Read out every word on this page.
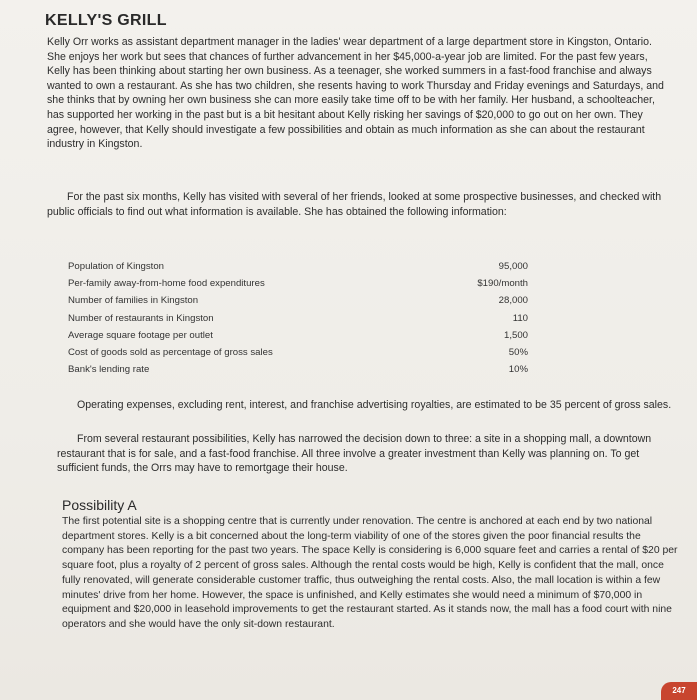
KELLY'S GRILL

Kelly Orr works as assistant department manager in the ladies' wear department of a large department store in Kingston, Ontario. She enjoys her work but sees that chances of further advancement in her $45,000-a-year job are limited. For the past few years, Kelly has been thinking about starting her own business. As a teenager, she worked summers in a fast-food franchise and always wanted to own a restaurant. As she has two children, she resents having to work Thursday and Friday evenings and Saturdays, and she thinks that by owning her own business she can more easily take time off to be with her family. Her husband, a schoolteacher, has supported her working in the past but is a bit hesitant about Kelly risking her savings of $20,000 to go out on her own. They agree, however, that Kelly should investigate a few possibilities and obtain as much information as she can about the restaurant industry in Kingston.

For the past six months, Kelly has visited with several of her friends, looked at some prospective businesses, and checked with public officials to find out what information is available. She has obtained the following information:

Population of Kingston	95,000
Per-family away-from-home food expenditures	$190/month
Number of families in Kingston	28,000
Number of restaurants in Kingston	110
Average square footage per outlet	1,500
Cost of goods sold as percentage of gross sales	50%
Bank's lending rate	10%

Operating expenses, excluding rent, interest, and franchise advertising royalties, are estimated to be 35 percent of gross sales.

From several restaurant possibilities, Kelly has narrowed the decision down to three: a site in a shopping mall, a downtown restaurant that is for sale, and a fast-food franchise. All three involve a greater investment than Kelly was planning on. To get sufficient funds, the Orrs may have to remortgage their house.

Possibility A

The first potential site is a shopping centre that is currently under renovation. The centre is anchored at each end by two national department stores. Kelly is a bit concerned about the long-term viability of one of the stores given the poor financial results the company has been reporting for the past two years. The space Kelly is considering is 6,000 square feet and carries a rental of $20 per square foot, plus a royalty of 2 percent of gross sales. Although the rental costs would be high, Kelly is confident that the mall, once fully renovated, will generate considerable customer traffic, thus outweighing the rental costs. Also, the mall location is within a few minutes' drive from her home. However, the space is unfinished, and Kelly estimates she would need a minimum of $70,000 in equipment and $20,000 in leasehold improvements to get the restaurant started. As it stands now, the mall has a food court with nine operators and she would have the only sit-down restaurant.

247
